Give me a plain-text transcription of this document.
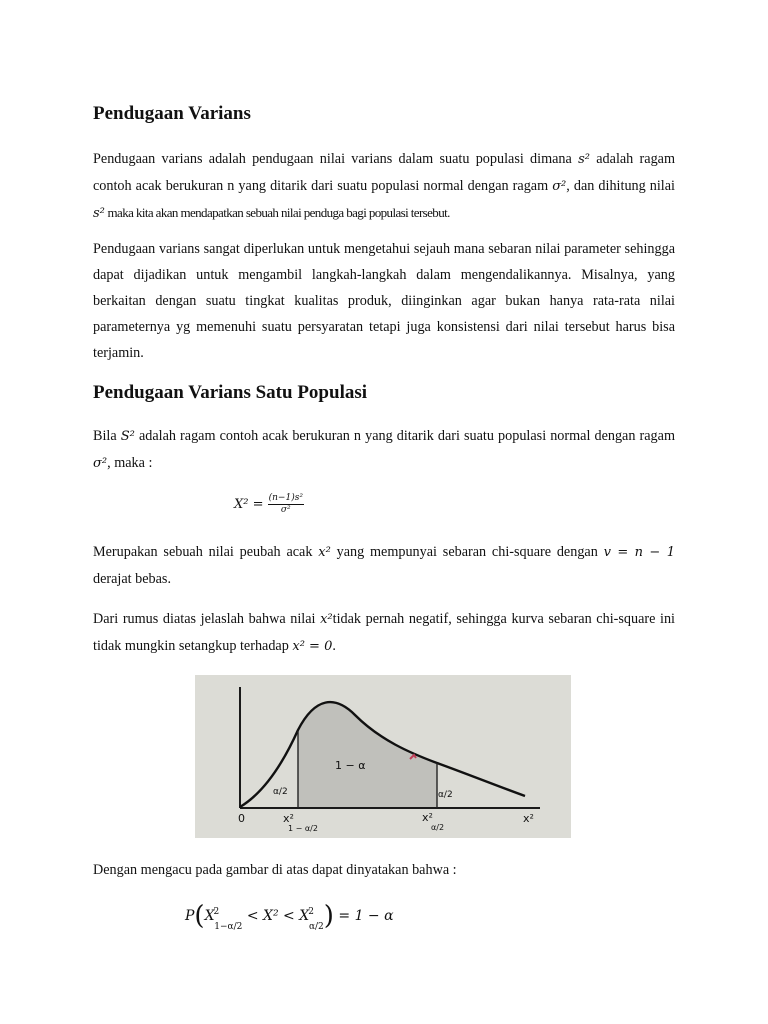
Pendugaan Varians

Pendugaan varians adalah pendugaan nilai varians dalam suatu populasi dimana s² adalah ragam contoh acak berukuran n yang ditarik dari suatu populasi normal dengan ragam σ², dan dihitung nilai s² maka kita akan mendapatkan sebuah nilai penduga bagi populasi tersebut.

Pendugaan varians sangat diperlukan untuk mengetahui sejauh mana sebaran nilai parameter sehingga dapat dijadikan untuk mengambil langkah-langkah dalam mengendalikannya. Misalnya, yang berkaitan dengan suatu tingkat kualitas produk, diinginkan agar bukan hanya rata-rata nilai parameternya yg memenuhi suatu persyaratan tetapi juga konsistensi dari nilai tersebut harus bisa terjamin.

Pendugaan Varians Satu Populasi

Bila S² adalah ragam contoh acak berukuran n yang ditarik dari suatu populasi normal dengan ragam σ², maka :

$X^2 = \frac{\text{(n−1)s²}}{\text{σ²}}$

Merupakan sebuah nilai peubah acak x² yang mempunyai sebaran chi-square dengan v = n − 1 derajat bebas.

Dari rumus diatas jelaslah bahwa nilai x²tidak pernah negatif, sehingga kurva sebaran chi-square ini tidak mungkin setangkup terhadap x² = 0.

Dengan mengacu pada gambar di atas dapat dinyatakan bahwa :

$P(X^2_{1-\alpha/2} < X^2 < X^2_{\alpha/2}) = 1 - \alpha$
0
1 − α
α/2	α/2
x²
1 − α/2
x²
α/2
x²
